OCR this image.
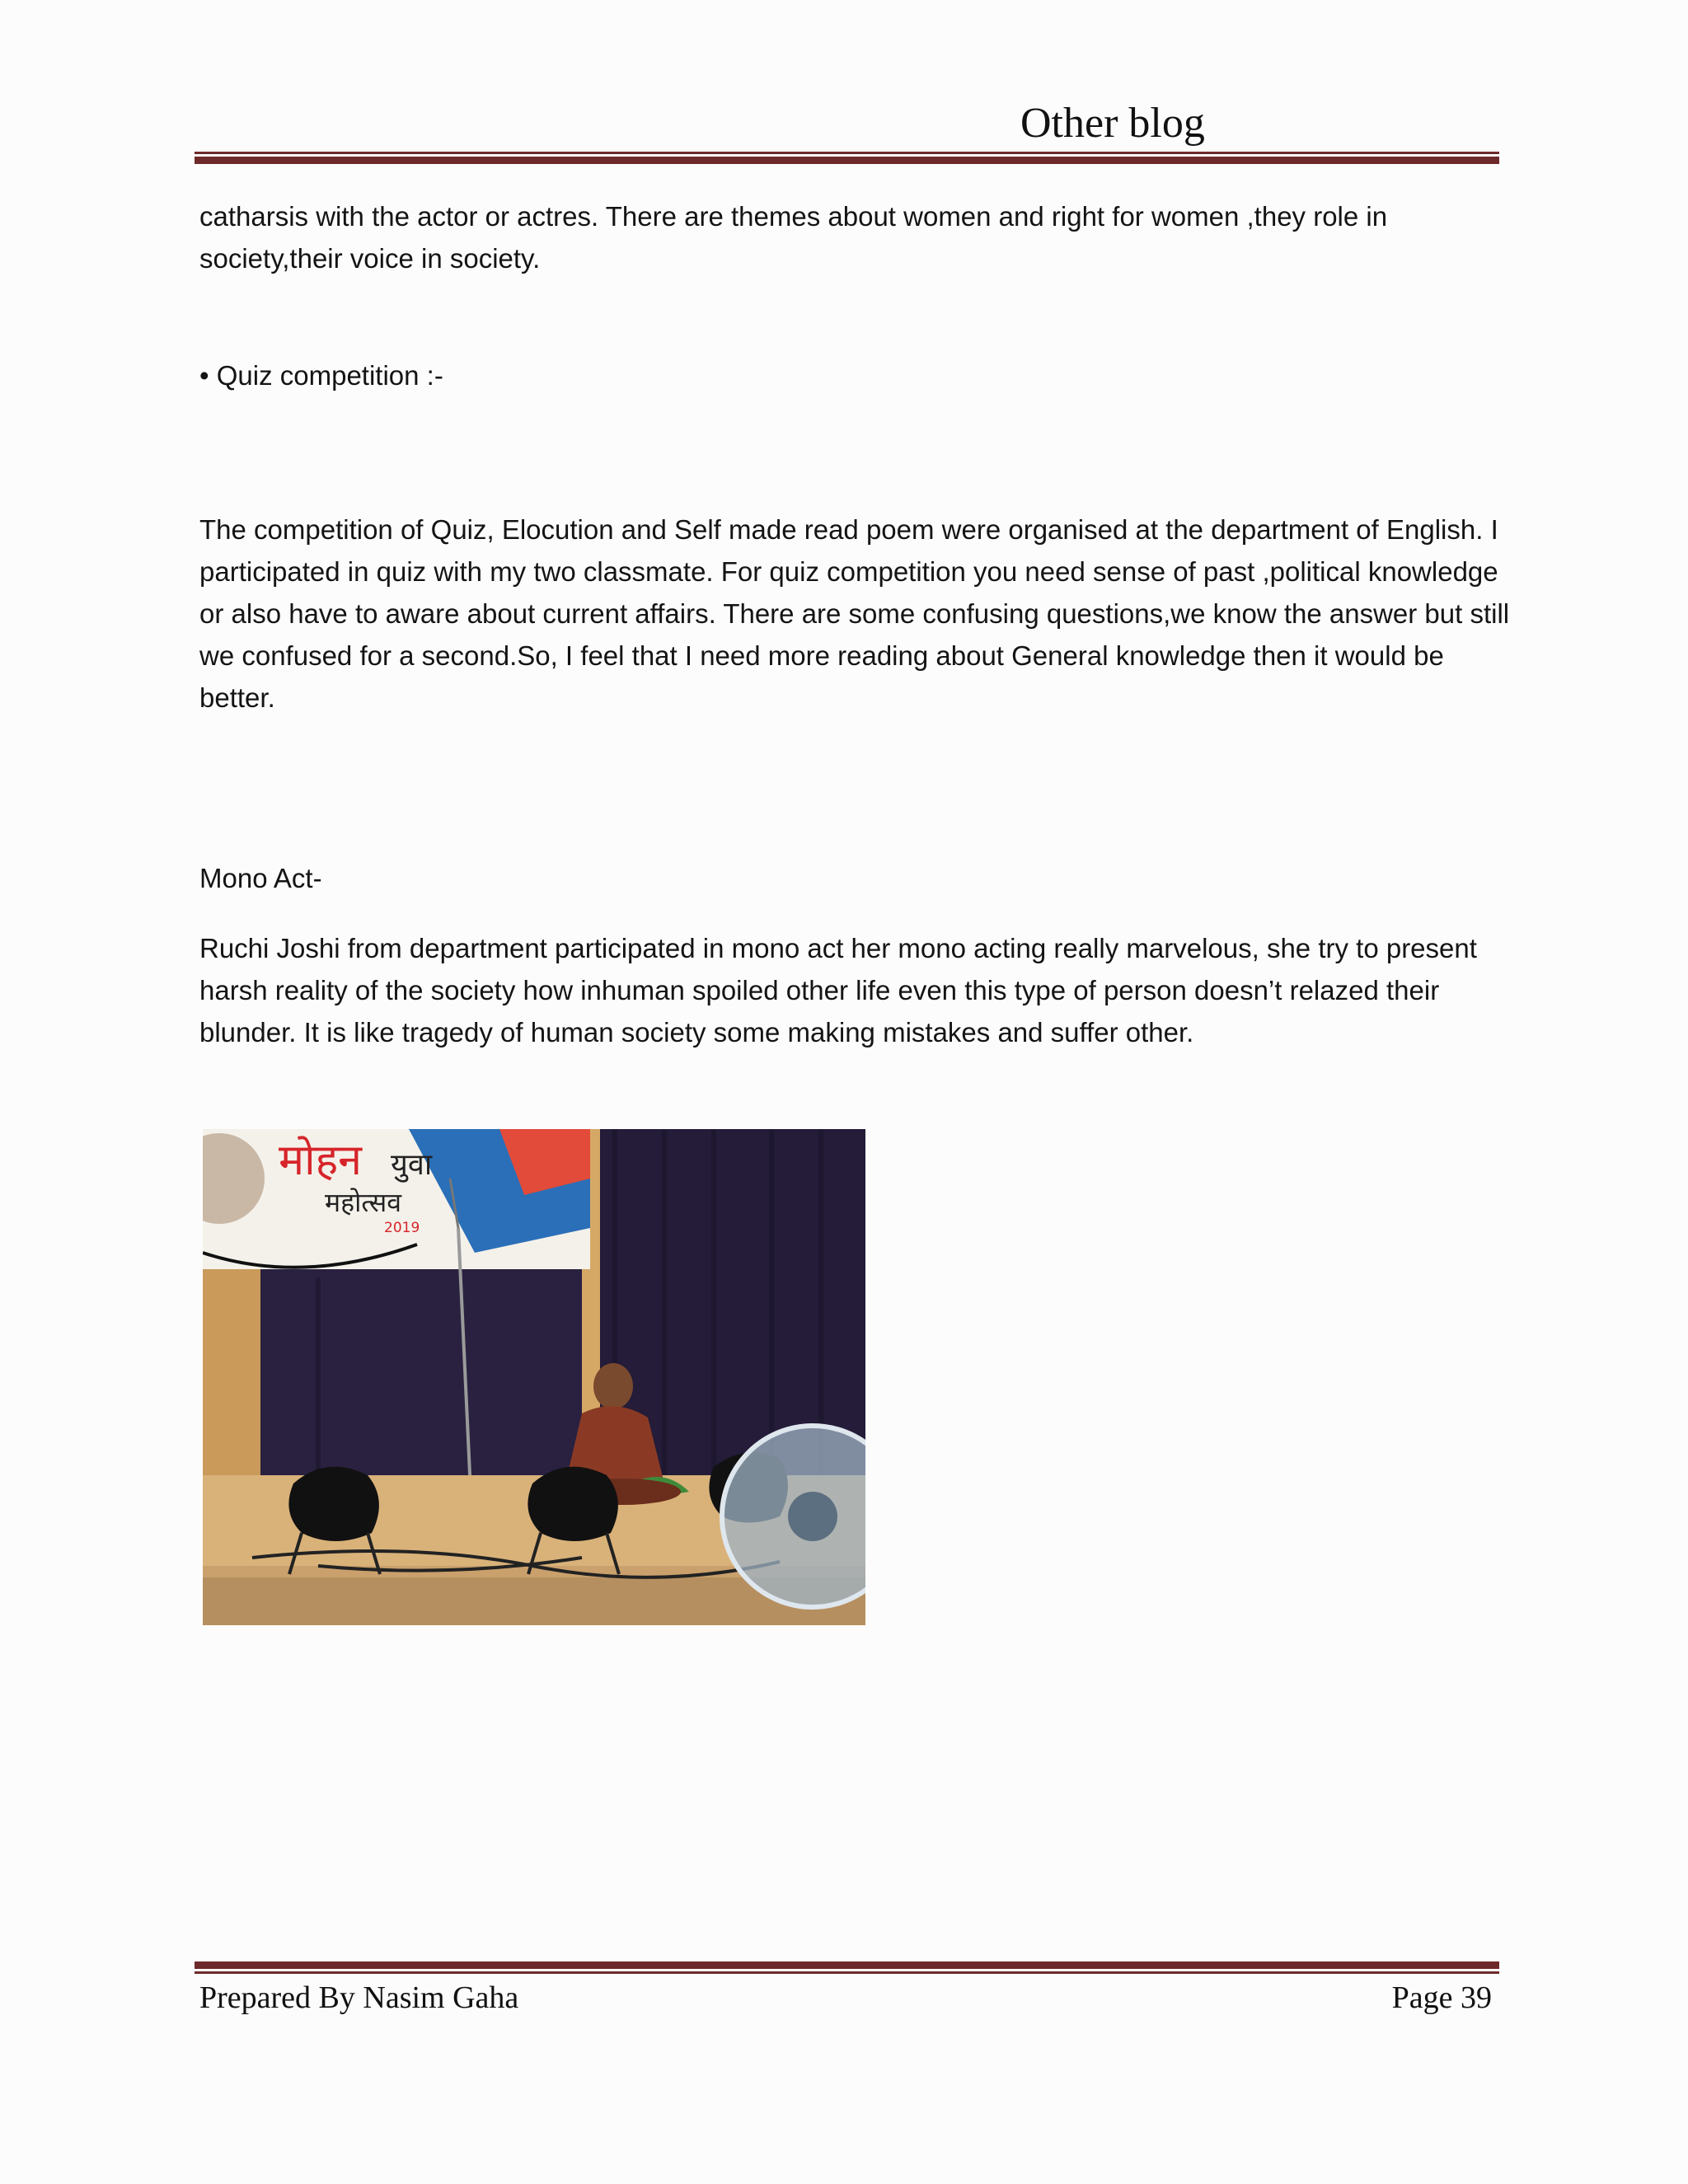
Other blog

catharsis with the actor or actres. There are themes about women and right for women ,they role in

society,their voice in society.

• Quiz competition :-
The competition of Quiz, Elocution and Self made read poem were organised at the department of English. I participated in quiz with my two classmate. For quiz competition you need sense of past ,political knowledge or also have to aware about current affairs. There are some confusing questions,we know the answer but still we confused for a second.So, I feel that I need more reading about General knowledge then it would be better.
Mono Act-
Ruchi Joshi from department participated in mono act her mono acting really marvelous, she try to present harsh reality of the society how inhuman spoiled other life even this type of person doesn’t relazed their blunder. It is like tragedy of human society some making mistakes and suffer other.
मोहन युवा
महोत्सव
2019
Prepared By Nasim Gaha	Page 39
